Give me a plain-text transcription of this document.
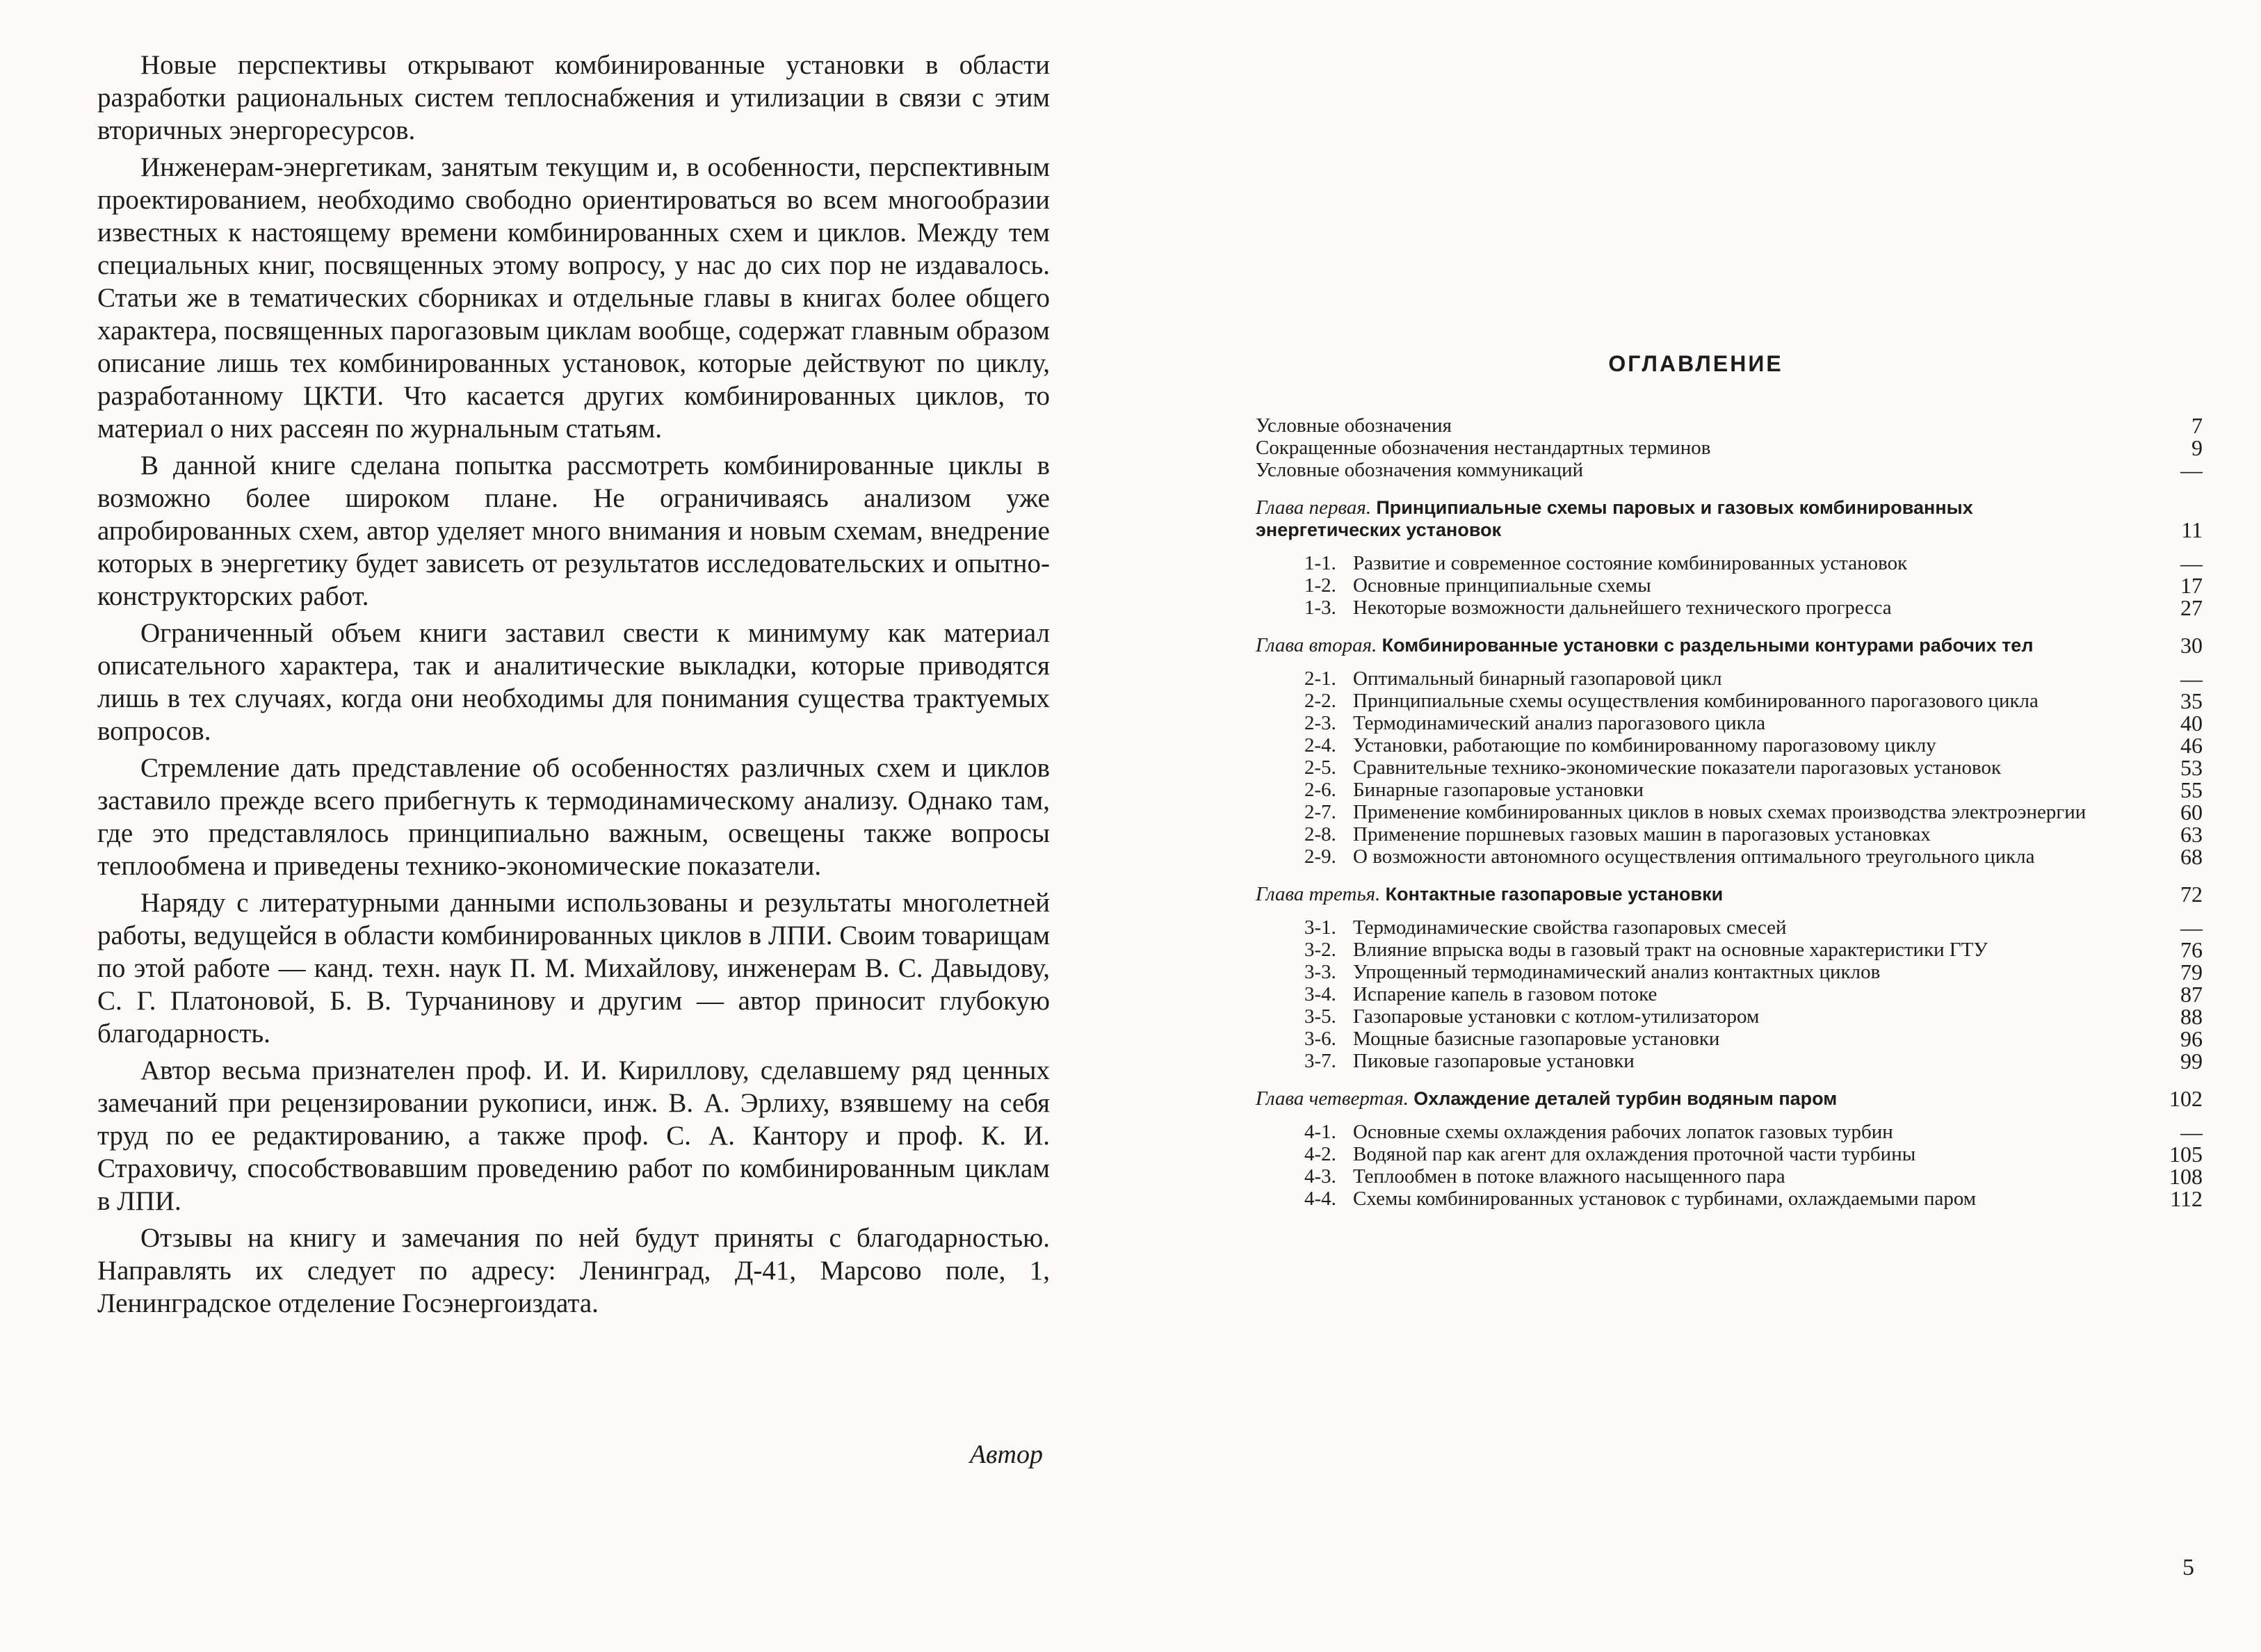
Новые перспективы открывают комбинированные установки в области разработки рациональных систем теплоснабжения и утилизации в связи с этим вторичных энергоресурсов.

Инженерам-энергетикам, занятым текущим и, в особенности, перспективным проектированием, необходимо свободно ориентироваться во всем многообразии известных к настоящему времени комбинированных схем и циклов. Между тем специальных книг, посвященных этому вопросу, у нас до сих пор не издавалось. Статьи же в тематических сборниках и отдельные главы в книгах более общего характера, посвященных парогазовым циклам вообще, содержат главным образом описание лишь тех комбинированных установок, которые действуют по циклу, разработанному ЦКТИ. Что касается других комбинированных циклов, то материал о них рассеян по журнальным статьям.

В данной книге сделана попытка рассмотреть комбинированные циклы в возможно более широком плане. Не ограничиваясь анализом уже апробированных схем, автор уделяет много внимания и новым схемам, внедрение которых в энергетику будет зависеть от результатов исследовательских и опытно-конструкторских работ.

Ограниченный объем книги заставил свести к минимуму как материал описательного характера, так и аналитические выкладки, которые приводятся лишь в тех случаях, когда они необходимы для понимания существа трактуемых вопросов.

Стремление дать представление об особенностях различных схем и циклов заставило прежде всего прибегнуть к термодинамическому анализу. Однако там, где это представлялось принципиально важным, освещены также вопросы теплообмена и приведены технико-экономические показатели.

Наряду с литературными данными использованы и результаты многолетней работы, ведущейся в области комбинированных циклов в ЛПИ. Своим товарищам по этой работе — канд. техн. наук П. М. Михайлову, инженерам В. С. Давыдову, С. Г. Платоновой, Б. В. Турчанинову и другим — автор приносит глубокую благодарность.

Автор весьма признателен проф. И. И. Кириллову, сделавшему ряд ценных замечаний при рецензировании рукописи, инж. В. А. Эрлиху, взявшему на себя труд по ее редактированию, а также проф. С. А. Кантору и проф. К. И. Страховичу, способствовавшим проведению работ по комбинированным циклам в ЛПИ.

Отзывы на книгу и замечания по ней будут приняты с благодарностью. Направлять их следует по адресу: Ленинград, Д-41, Марсово поле, 1, Ленинградское отделение Госэнергоиздата.

Автор
ОГЛАВЛЕНИЕ
Условные обозначения	7
Сокращенные обозначения нестандартных терминов	9
Условные обозначения коммуникаций	—
Глава первая. Принципиальные схемы паровых и газовых комбинированных энергетических установок	11
1-1. Развитие и современное состояние комбинированных установок	—
1-2. Основные принципиальные схемы	17
1-3. Некоторые возможности дальнейшего технического прогресса	27
Глава вторая. Комбинированные установки с раздельными контурами рабочих тел	30
2-1. Оптимальный бинарный газопаровой цикл	—
2-2. Принципиальные схемы осуществления комбинированного парогазового цикла	35
2-3. Термодинамический анализ парогазового цикла	40
2-4. Установки, работающие по комбинированному парогазовому циклу	46
2-5. Сравнительные технико-экономические показатели парогазовых установок	53
2-6. Бинарные газопаровые установки	55
2-7. Применение комбинированных циклов в новых схемах производства электроэнергии	60
2-8. Применение поршневых газовых машин в парогазовых установках	63
2-9. О возможности автономного осуществления оптимального треугольного цикла	68
Глава третья. Контактные газопаровые установки	72
3-1. Термодинамические свойства газопаровых смесей	—
3-2. Влияние впрыска воды в газовый тракт на основные характеристики ГТУ	76
3-3. Упрощенный термодинамический анализ контактных циклов	79
3-4. Испарение капель в газовом потоке	87
3-5. Газопаровые установки с котлом-утилизатором	88
3-6. Мощные базисные газопаровые установки	96
3-7. Пиковые газопаровые установки	99
Глава четвертая. Охлаждение деталей турбин водяным паром	102
4-1. Основные схемы охлаждения рабочих лопаток газовых турбин	—
4-2. Водяной пар как агент для охлаждения проточной части турбины	105
4-3. Теплообмен в потоке влажного насыщенного пара	108
4-4. Схемы комбинированных установок с турбинами, охлаждаемыми паром	112
5
